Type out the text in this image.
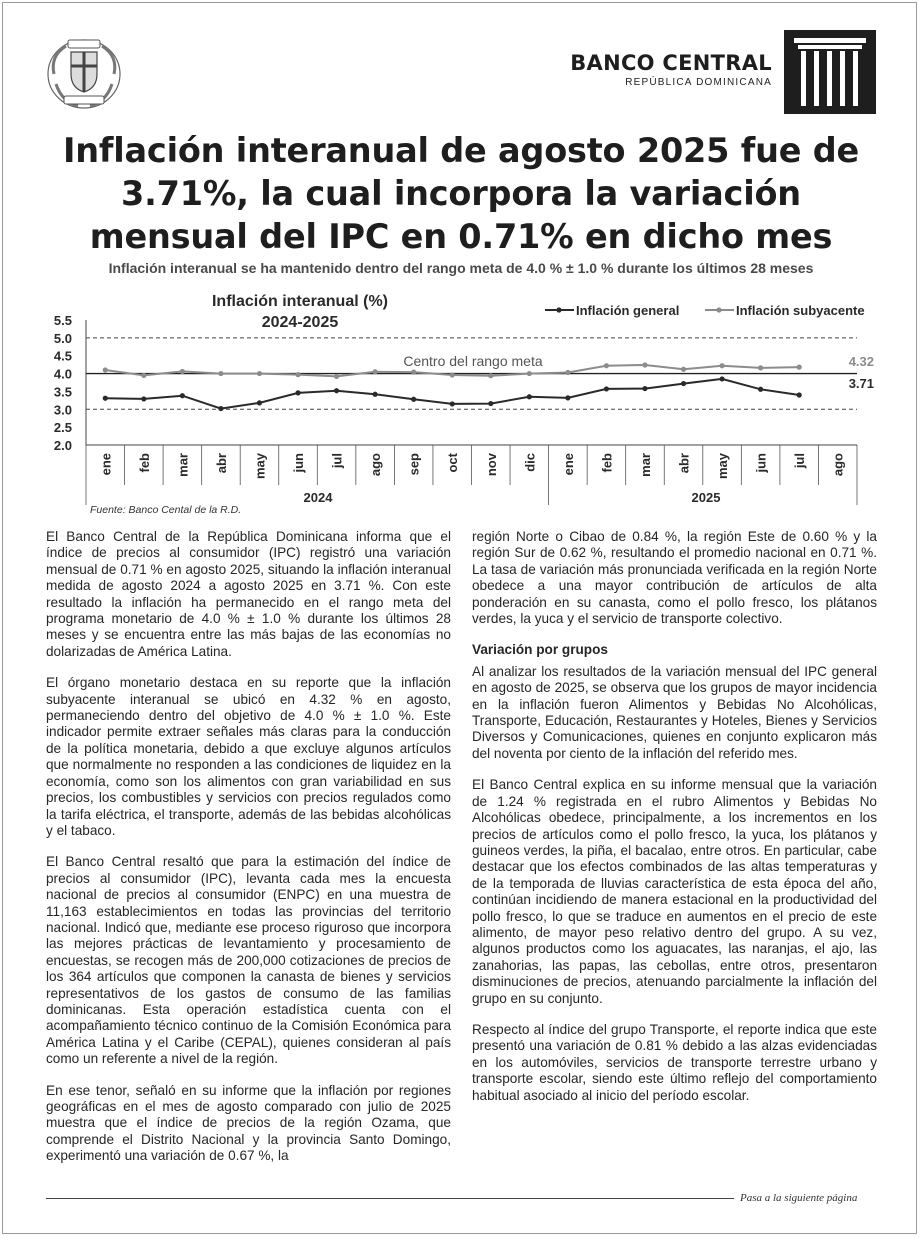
BANCO CENTRAL
REPÚBLICA DOMINICANA
Inflación interanual de agosto 2025 fue de 3.71%, la cual incorpora la variación mensual del IPC en 0.71% en dicho mes
Inflación interanual se ha mantenido dentro del rango meta de 4.0 % ± 1.0 % durante los últimos 28 meses
Inflación interanual (%)
2024-2025
Inflación general	Inflación subyacente
2.0
2.5
3.0
3.5
4.0
4.5
5.0
5.5
ene feb mar abr may jun jul ago sep oct nov dic ene feb mar abr may jun jul ago
Centro del rango meta	4.32
3.71
2024	2025
Fuente: Banco Cental de la R.D.

El Banco Central de la República Dominicana informa que el índice de precios al consumidor (IPC) registró una variación mensual de 0.71 % en agosto 2025, situando la inflación interanual medida de agosto 2024 a agosto 2025 en 3.71 %. Con este resultado la inflación ha permanecido en el rango meta del programa monetario de 4.0 % ± 1.0 % durante los últimos 28 meses y se encuentra entre las más bajas de las economías no dolarizadas de América Latina.

El órgano monetario destaca en su reporte que la inflación subyacente interanual se ubicó en 4.32 % en agosto, permaneciendo dentro del objetivo de 4.0 % ± 1.0 %. Este indicador permite extraer señales más claras para la conducción de la política monetaria, debido a que excluye algunos artículos que normalmente no responden a las condiciones de liquidez en la economía, como son los alimentos con gran variabilidad en sus precios, los combustibles y servicios con precios regulados como la tarifa eléctrica, el transporte, además de las bebidas alcohólicas y el tabaco.

El Banco Central resaltó que para la estimación del índice de precios al consumidor (IPC), levanta cada mes la encuesta nacional de precios al consumidor (ENPC) en una muestra de 11,163 establecimientos en todas las provincias del territorio nacional. Indicó que, mediante ese proceso riguroso que incorpora las mejores prácticas de levantamiento y procesamiento de encuestas, se recogen más de 200,000 cotizaciones de precios de los 364 artículos que componen la canasta de bienes y servicios representativos de los gastos de consumo de las familias dominicanas. Esta operación estadística cuenta con el acompañamiento técnico continuo de la Comisión Económica para América Latina y el Caribe (CEPAL), quienes consideran al país como un referente a nivel de la región.

En ese tenor, señaló en su informe que la inflación por regiones geográficas en el mes de agosto comparado con julio de 2025 muestra que el índice de precios de la región Ozama, que comprende el Distrito Nacional y la provincia Santo Domingo, experimentó una variación de 0.67 %, la

región Norte o Cibao de 0.84 %, la región Este de 0.60 % y la región Sur de 0.62 %, resultando el promedio nacional en 0.71 %. La tasa de variación más pronunciada verificada en la región Norte obedece a una mayor contribución de artículos de alta ponderación en su canasta, como el pollo fresco, los plátanos verdes, la yuca y el servicio de transporte colectivo.

Variación por grupos

Al analizar los resultados de la variación mensual del IPC general en agosto de 2025, se observa que los grupos de mayor incidencia en la inflación fueron Alimentos y Bebidas No Alcohólicas, Transporte, Educación, Restaurantes y Hoteles, Bienes y Servicios Diversos y Comunicaciones, quienes en conjunto explicaron más del noventa por ciento de la inflación del referido mes.

El Banco Central explica en su informe mensual que la variación de 1.24 % registrada en el rubro Alimentos y Bebidas No Alcohólicas obedece, principalmente, a los incrementos en los precios de artículos como el pollo fresco, la yuca, los plátanos y guineos verdes, la piña, el bacalao, entre otros. En particular, cabe destacar que los efectos combinados de las altas temperaturas y de la temporada de lluvias característica de esta época del año, continúan incidiendo de manera estacional en la productividad del pollo fresco, lo que se traduce en aumentos en el precio de este alimento, de mayor peso relativo dentro del grupo. A su vez, algunos productos como los aguacates, las naranjas, el ajo, las zanahorias, las papas, las cebollas, entre otros, presentaron disminuciones de precios, atenuando parcialmente la inflación del grupo en su conjunto.

Respecto al índice del grupo Transporte, el reporte indica que este presentó una variación de 0.81 % debido a las alzas evidenciadas en los automóviles, servicios de transporte terrestre urbano y transporte escolar, siendo este último reflejo del comportamiento habitual asociado al inicio del período escolar.

Pasa a la siguiente página
